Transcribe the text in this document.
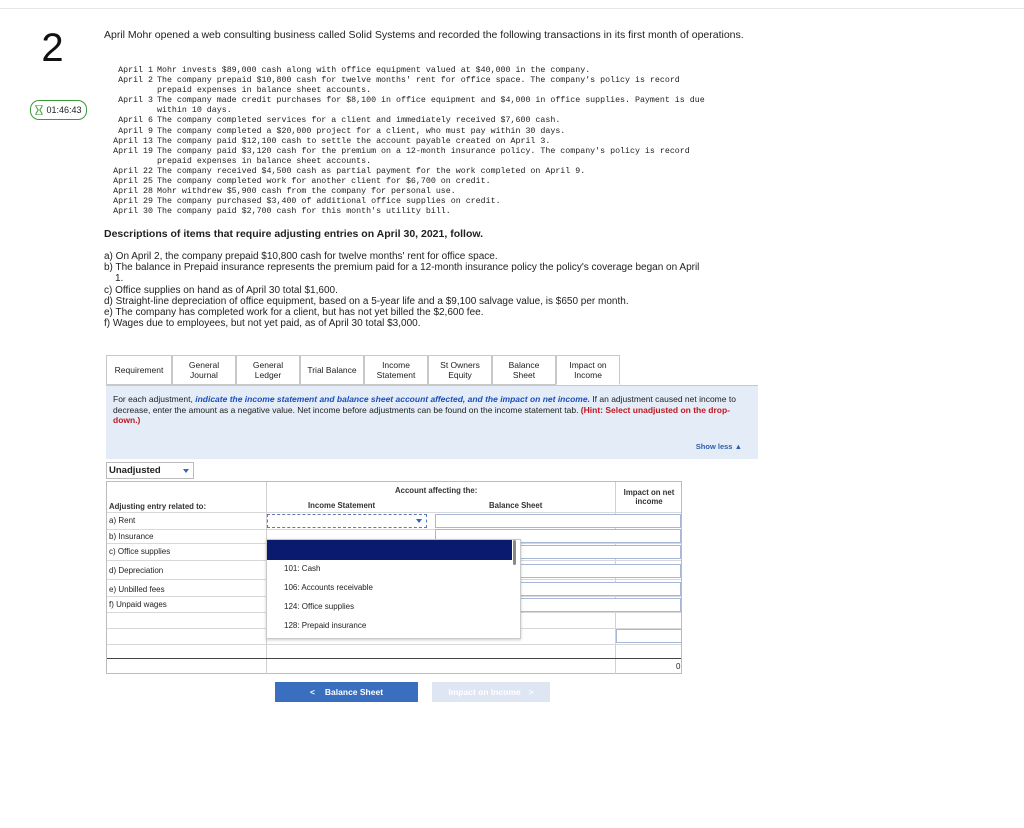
2
01:46:43
April Mohr opened a web consulting business called Solid Systems and recorded the following transactions in its first month of operations.
April 1 Mohr invests $89,000 cash along with office equipment valued at $40,000 in the company.
April 2 The company prepaid $10,800 cash for twelve months' rent for office space. The company's policy is record
prepaid expenses in balance sheet accounts.
April 3 The company made credit purchases for $8,100 in office equipment and $4,000 in office supplies. Payment is due
within 10 days.
April 6 The company completed services for a client and immediately received $7,600 cash.
April 9 The company completed a $20,000 project for a client, who must pay within 30 days.
April 13 The company paid $12,100 cash to settle the account payable created on April 3.
April 19 The company paid $3,120 cash for the premium on a 12-month insurance policy. The company's policy is record
prepaid expenses in balance sheet accounts.
April 22 The company received $4,500 cash as partial payment for the work completed on April 9.
April 25 The company completed work for another client for $6,700 on credit.
April 28 Mohr withdrew $5,900 cash from the company for personal use.
April 29 The company purchased $3,400 of additional office supplies on credit.
April 30 The company paid $2,700 cash for this month's utility bill.
Descriptions of items that require adjusting entries on April 30, 2021, follow.
a) On April 2, the company prepaid $10,800 cash for twelve months' rent for office space.
b) The balance in Prepaid insurance represents the premium paid for a 12-month insurance policy the policy's coverage began on April
1.
c) Office supplies on hand as of April 30 total $1,600.
d) Straight-line depreciation of office equipment, based on a 5-year life and a $9,100 salvage value, is $650 per month.
e) The company has completed work for a client, but has not yet billed the $2,600 fee.
f) Wages due to employees, but not yet paid, as of April 30 total $3,000.
Requirement	General Journal
General Ledger	Trial Balance	Income Statement
St Owners Equity
Balance Sheet
Impact on Income
For each adjustment, indicate the income statement and balance sheet account affected, and the impact on net income. If an adjustment caused net income to decrease, enter the amount as a negative value. Net income before adjustments can be found on the income statement tab. (Hint: Select unadjusted on the drop-down.)
Show less ▲
Unadjusted
Account affecting the:
Adjusting entry related to:	Income Statement	Balance Sheet
Impact on net income
a) Rent
b) Insurance
c) Office supplies
d) Depreciation
e) Unbilled fees
f) Unpaid wages
101: Cash
106: Accounts receivable
124: Office supplies
128: Prepaid insurance
0
< Balance Sheet	Impact on Income >
